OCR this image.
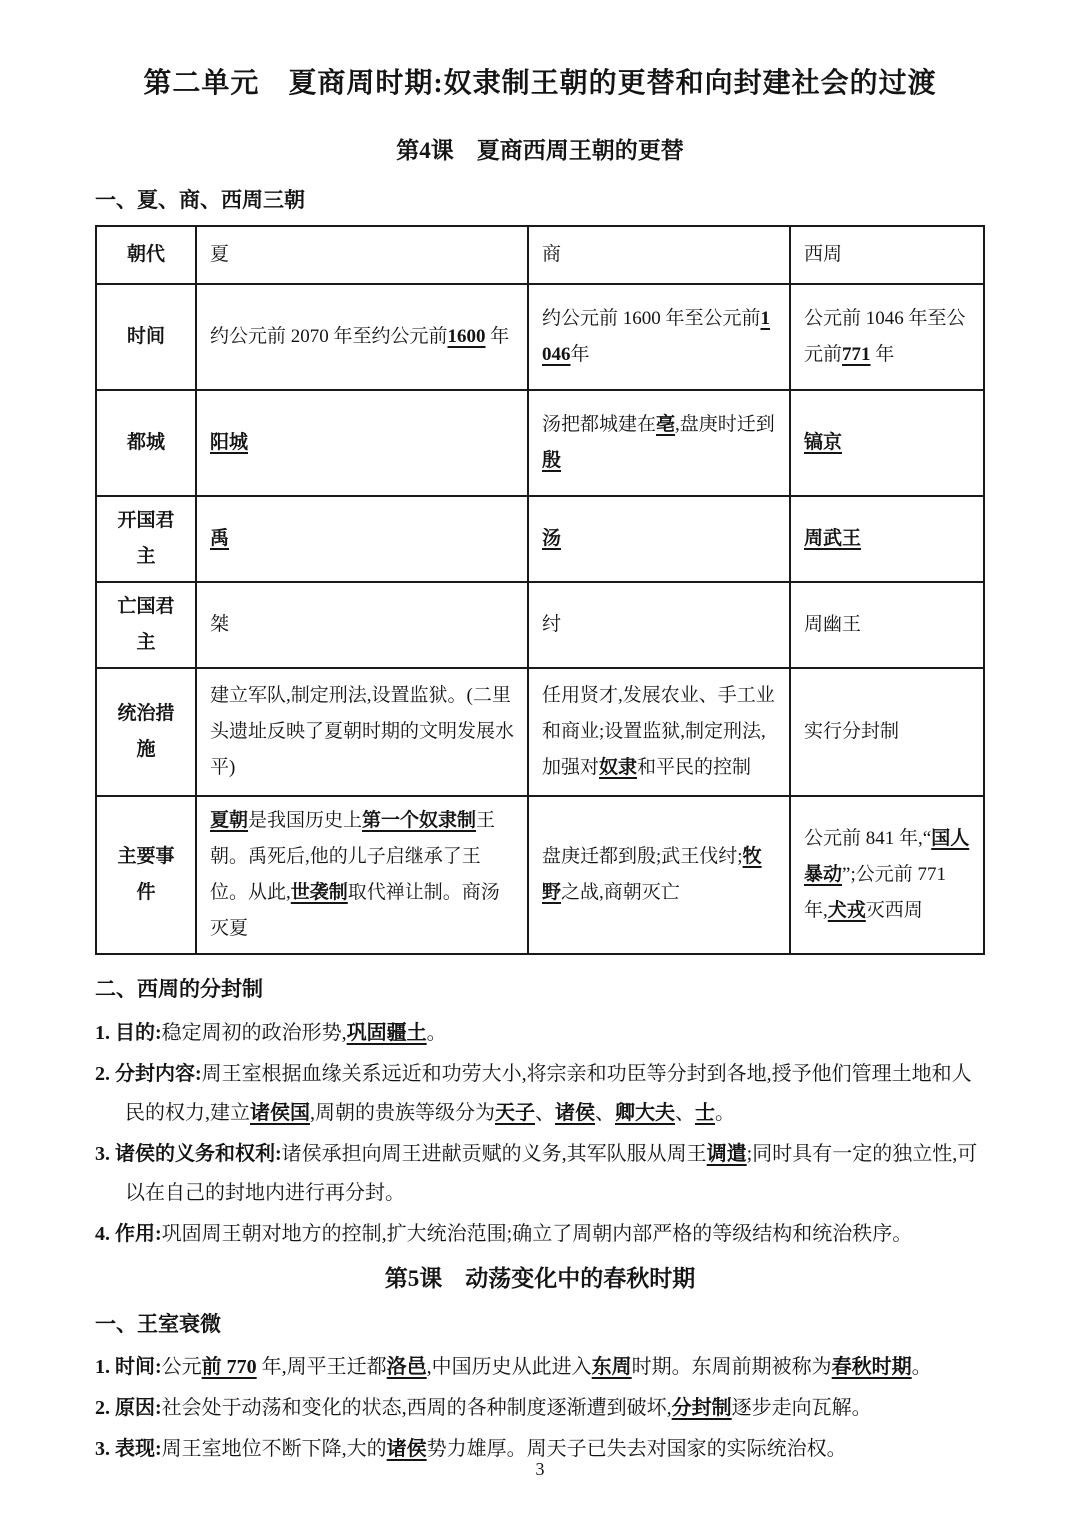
第二单元　夏商周时期:奴隶制王朝的更替和向封建社会的过渡
第4课　夏商西周王朝的更替
一、夏、商、西周三朝
朝代	夏	商	西周
时间	约公元前 2070 年至约公元前1600 年	约公元前 1600 年至公元前1046年	公元前 1046 年至公元前771 年
都城	阳城	汤把都城建在亳,盘庚时迁到殷	镐京
开国君主	禹	汤	周武王
亡国君主	桀	纣	周幽王
统治措施	建立军队,制定刑法,设置监狱。(二里头遗址反映了夏朝时期的文明发展水平)	任用贤才,发展农业、手工业和商业;设置监狱,制定刑法,加强对奴隶和平民的控制	实行分封制
主要事件	夏朝是我国历史上第一个奴隶制王朝。禹死后,他的儿子启继承了王位。从此,世袭制取代禅让制。商汤灭夏	盘庚迁都到殷;武王伐纣;牧野之战,商朝灭亡	公元前 841 年,“国人暴动”;公元前 771 年,犬戎灭西周
二、西周的分封制

1. 目的:稳定周初的政治形势,巩固疆土。

2. 分封内容:周王室根据血缘关系远近和功劳大小,将宗亲和功臣等分封到各地,授予他们管理土地和人民的权力,建立诸侯国,周朝的贵族等级分为天子、诸侯、卿大夫、士。

3. 诸侯的义务和权利:诸侯承担向周王进献贡赋的义务,其军队服从周王调遣;同时具有一定的独立性,可以在自己的封地内进行再分封。

4. 作用:巩固周王朝对地方的控制,扩大统治范围;确立了周朝内部严格的等级结构和统治秩序。

第5课　动荡变化中的春秋时期
一、王室衰微

1. 时间:公元前 770 年,周平王迁都洛邑,中国历史从此进入东周时期。东周前期被称为春秋时期。

2. 原因:社会处于动荡和变化的状态,西周的各种制度逐渐遭到破坏,分封制逐步走向瓦解。

3. 表现:周王室地位不断下降,大的诸侯势力雄厚。周天子已失去对国家的实际统治权。

3
